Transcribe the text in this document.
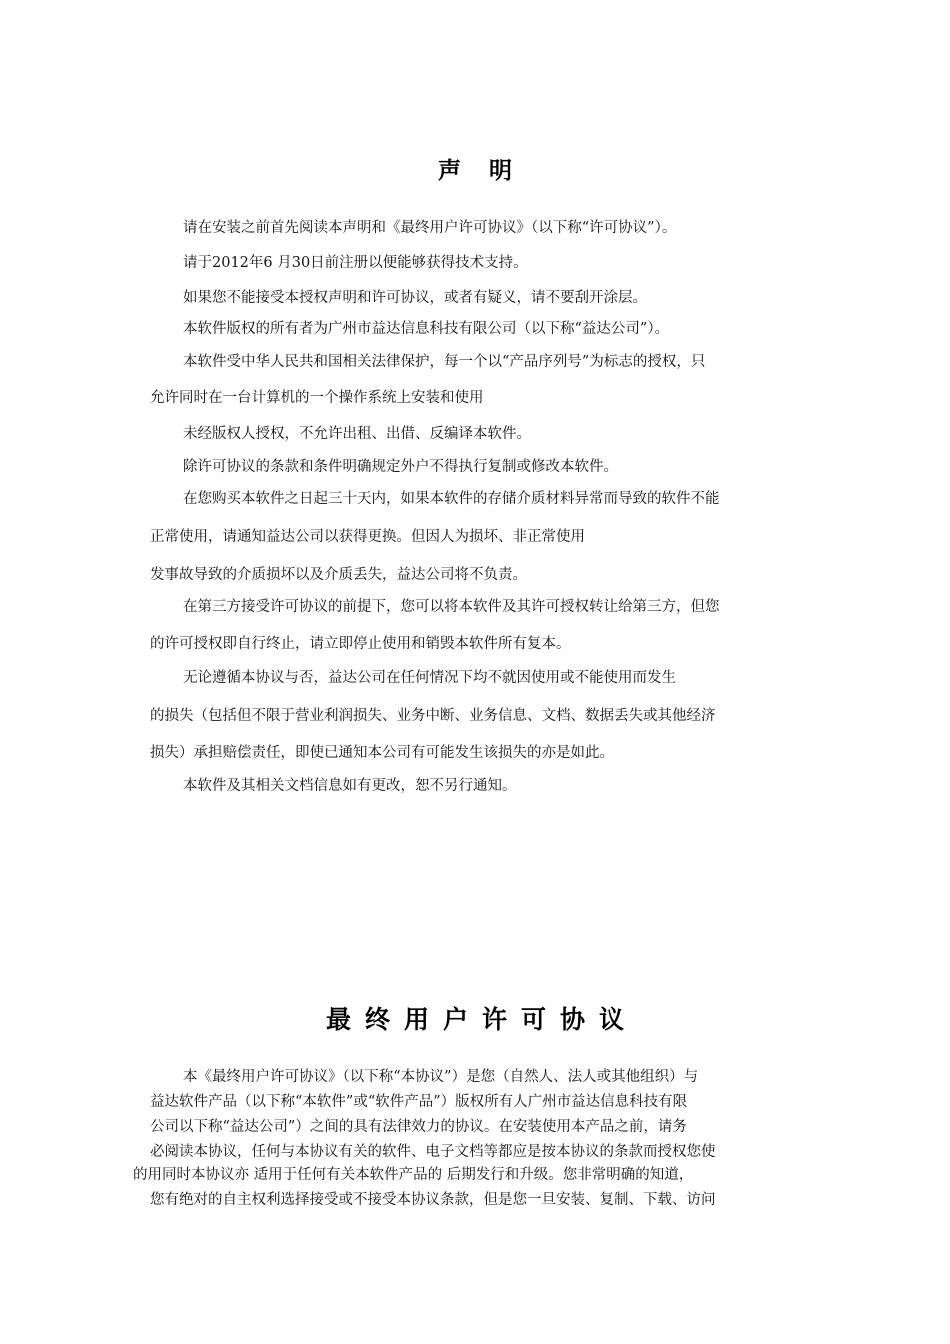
声明
请在安装之前首先阅读本声明和《最终用户许可协议》（以下称“许可协议”）。
请于2012年6 月30日前注册以便能够获得技术支持。
如果您不能接受本授权声明和许可协议，或者有疑义，请不要刮开涂层。
本软件版权的所有者为广州市益达信息科技有限公司（以下称“益达公司”）。
本软件受中华人民共和国相关法律保护，每一个以“产品序列号”为标志的授权，只
允许同时在一台计算机的一个操作系统上安装和使用
未经版权人授权，不允许出租、出借、反编译本软件。
除许可协议的条款和条件明确规定外户不得执行复制或修改本软件。
在您购买本软件之日起三十天内，如果本软件的存储介质材料异常而导致的软件不能
正常使用，请通知益达公司以获得更换。但因人为损坏、非正常使用
发事故导致的介质损坏以及介质丢失，益达公司将不负责。
在第三方接受许可协议的前提下，您可以将本软件及其许可授权转让给第三方，但您
的许可授权即自行终止，请立即停止使用和销毁本软件所有复本。
无论遵循本协议与否，益达公司在任何情况下均不就因使用或不能使用而发生
的损失（包括但不限于营业利润损失、业务中断、业务信息、文档、数据丢失或其他经济
损失）承担赔偿责任，即使已通知本公司有可能发生该损失的亦是如此。
本软件及其相关文档信息如有更改，恕不另行通知。
最终用户许可协议
本《最终用户许可协议》（以下称“本协议”）是您（自然人、法人或其他组织）与
益达软件产品（以下称“本软件”或“软件产品”）版权所有人广州市益达信息科技有限
公司以下称“益达公司”）之间的具有法律效力的协议。在安装使用本产品之前，请务
必阅读本协议，任何与本协议有关的软件、电子文档等都应是按本协议的条款而授权您使
的用同时本协议亦 适用于任何有关本软件产品的 后期发行和升级。您非常明确的知道，
您有绝对的自主权利选择接受或不接受本协议条款，但是您一旦安装、复制、下载、访问
